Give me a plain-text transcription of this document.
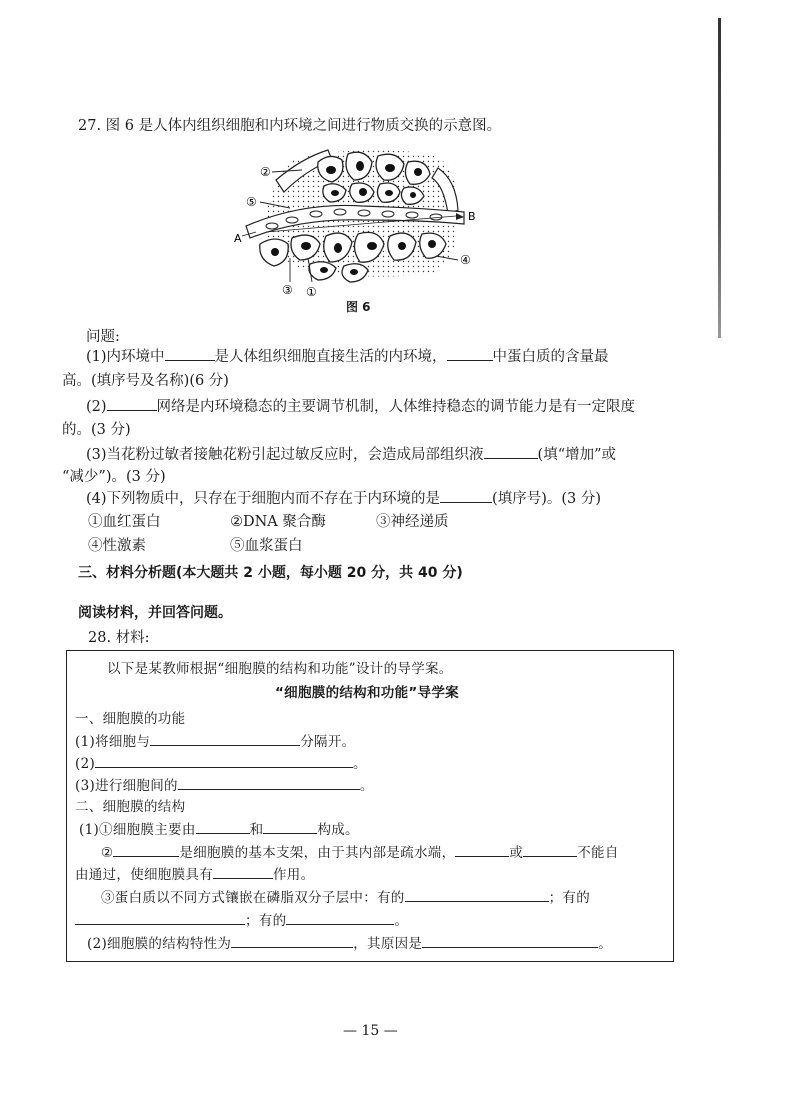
27. 图 6 是人体内组织细胞和内环境之间进行物质交换的示意图。
②
⑤
A
B
④
③ ①
图 6
问题:
(1)内环境中	是人体组织细胞直接生活的内环境，	中蛋白质的含量最
高。(填序号及名称)(6 分)
(2)	网络是内环境稳态的主要调节机制，人体维持稳态的调节能力是有一定限度
的。(3 分)
(3)当花粉过敏者接触花粉引起过敏反应时，会造成局部组织液	(填“增加”或
“减少”)。(3 分)
(4)下列物质中，只存在于细胞内而不存在于内环境的是	(填序号)。(3 分)
①血红蛋白	②DNA 聚合酶	③神经递质
④性激素	⑤血浆蛋白
三、材料分析题(本大题共 2 小题，每小题 20 分，共 40 分)
阅读材料，并回答问题。
28. 材料:
以下是某教师根据“细胞膜的结构和功能”设计的导学案。
“细胞膜的结构和功能”导学案
一、细胞膜的功能
(1)将细胞与	分隔开。
(2)	。
(3)进行细胞间的	。
二、细胞膜的结构
(1)①细胞膜主要由	和	构成。
②	是细胞膜的基本支架，由于其内部是疏水端，	或	不能自
由通过，使细胞膜具有	作用。
③蛋白质以不同方式镶嵌在磷脂双分子层中：有的	；有的
；有的	。
(2)细胞膜的结构特性为	，其原因是	。
— 15 —
